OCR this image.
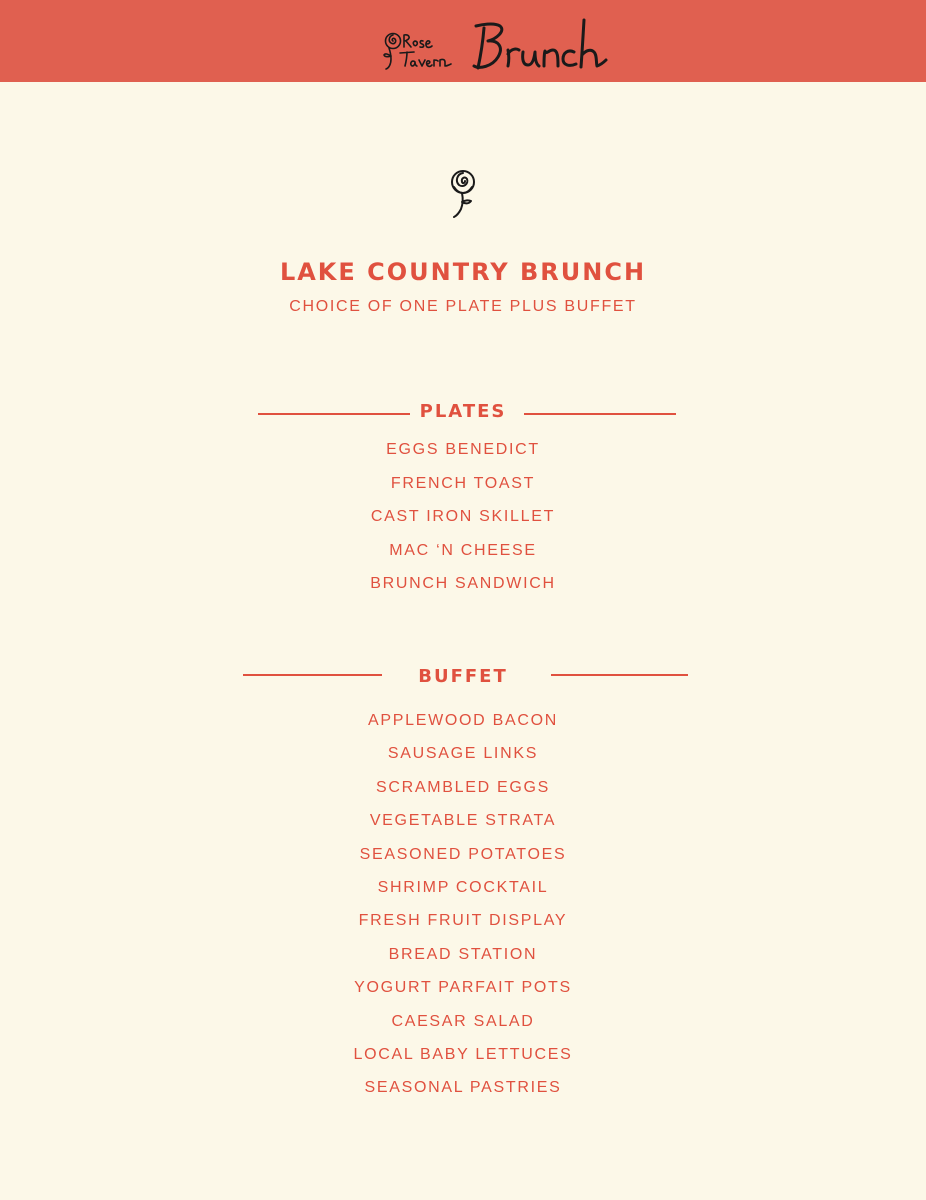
LAKE COUNTRY BRUNCH
CHOICE OF ONE PLATE PLUS BUFFET
PLATES
EGGS BENEDICT
FRENCH TOAST
CAST IRON SKILLET
MAC ‘N CHEESE
BRUNCH SANDWICH
BUFFET
APPLEWOOD BACON
SAUSAGE LINKS
SCRAMBLED EGGS
VEGETABLE STRATA
SEASONED POTATOES
SHRIMP COCKTAIL
FRESH FRUIT DISPLAY
BREAD STATION
YOGURT PARFAIT POTS
CAESAR SALAD
LOCAL BABY LETTUCES
SEASONAL PASTRIES
